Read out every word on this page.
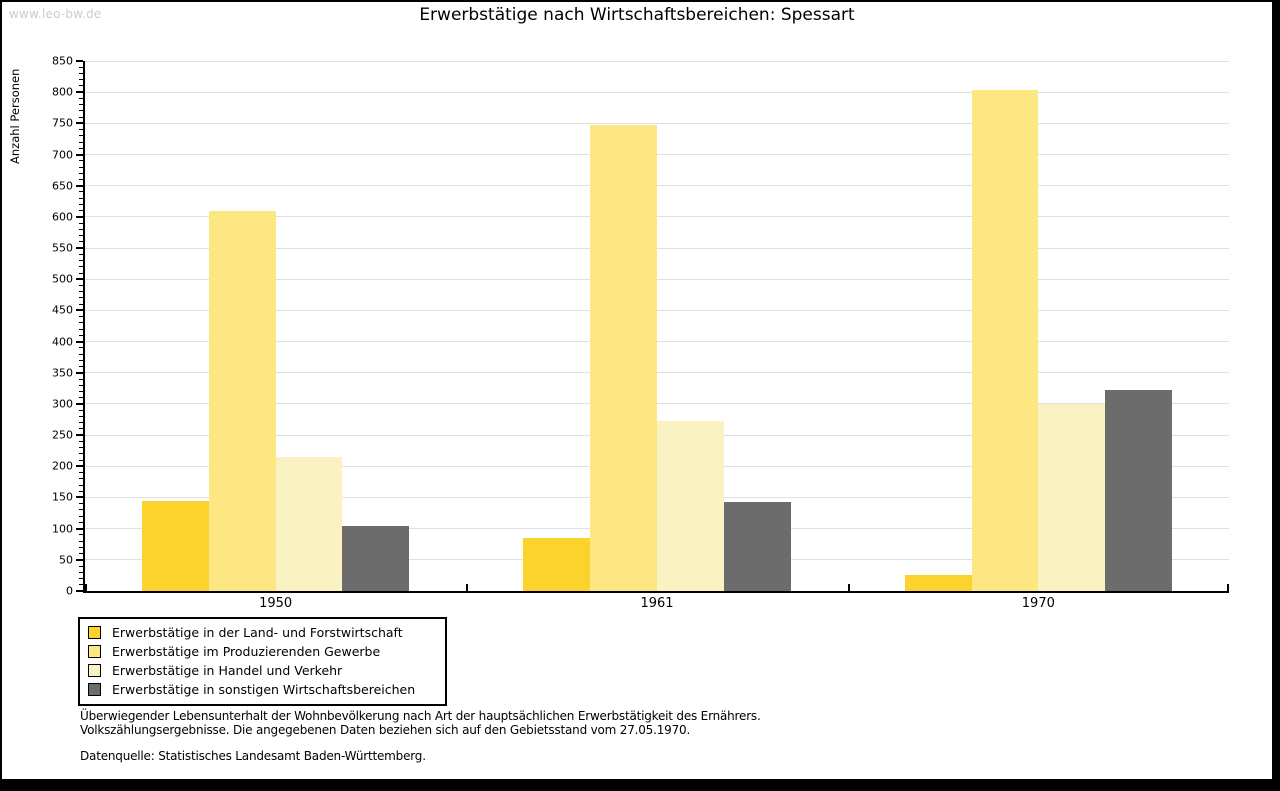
www.leo-bw.de	Erwerbstätige nach Wirtschaftsbereichen: Spessart
Anzahl Personen
0
50
100
150
200
250
300
350
400
450
500
550
600
650
700
750
800
850
1950	1961	1970
Erwerbstätige in der Land- und Forstwirtschaft
Erwerbstätige im Produzierenden Gewerbe
Erwerbstätige in Handel und Verkehr
Erwerbstätige in sonstigen Wirtschaftsbereichen
Überwiegender Lebensunterhalt der Wohnbevölkerung nach Art der hauptsächlichen Erwerbstätigkeit des Ernährers.
Volkszählungsergebnisse. Die angegebenen Daten beziehen sich auf den Gebietsstand vom 27.05.1970.
Datenquelle: Statistisches Landesamt Baden-Württemberg.
